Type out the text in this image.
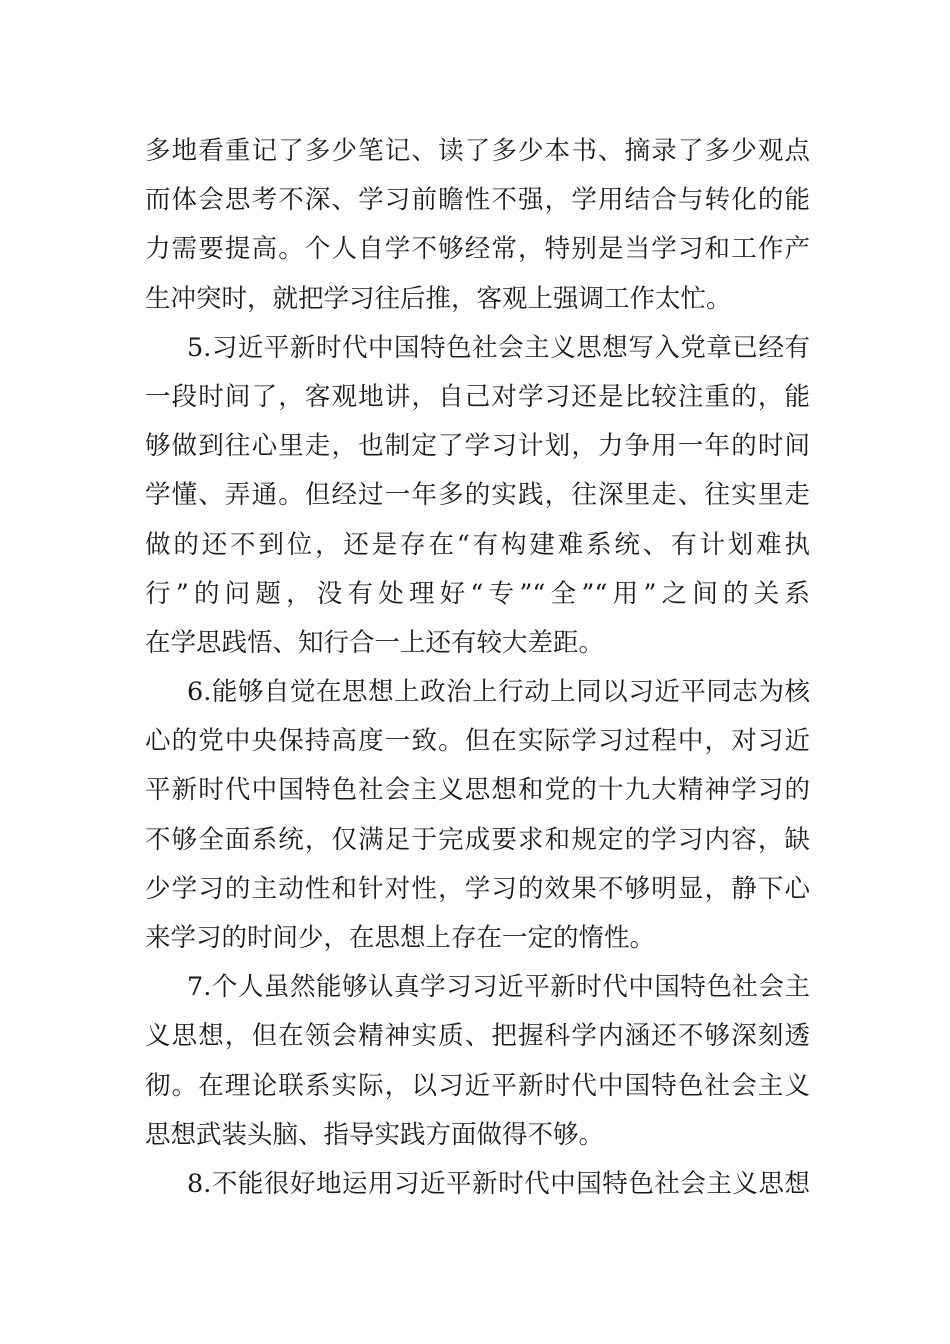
多地看重记了多少笔记、读了多少本书、摘录了多少观点
而体会思考不深、学习前瞻性不强，学用结合与转化的能
力需要提高。个人自学不够经常，特别是当学习和工作产
生冲突时，就把学习往后推，客观上强调工作太忙。
5.习近平新时代中国特色社会主义思想写入党章已经有
一段时间了，客观地讲，自己对学习还是比较注重的，能
够做到往心里走，也制定了学习计划，力争用一年的时间
学懂、弄通。但经过一年多的实践，往深里走、往实里走
做的还不到位，还是存在“有构建难系统、有计划难执
行”的问题，没有处理好“专”“全”“用”之间的关系
在学思践悟、知行合一上还有较大差距。
6.能够自觉在思想上政治上行动上同以习近平同志为核
心的党中央保持高度一致。但在实际学习过程中，对习近
平新时代中国特色社会主义思想和党的十九大精神学习的
不够全面系统，仅满足于完成要求和规定的学习内容，缺
少学习的主动性和针对性，学习的效果不够明显，静下心
来学习的时间少，在思想上存在一定的惰性。
7.个人虽然能够认真学习习近平新时代中国特色社会主
义思想，但在领会精神实质、把握科学内涵还不够深刻透
彻。在理论联系实际，以习近平新时代中国特色社会主义
思想武装头脑、指导实践方面做得不够。
8.不能很好地运用习近平新时代中国特色社会主义思想
